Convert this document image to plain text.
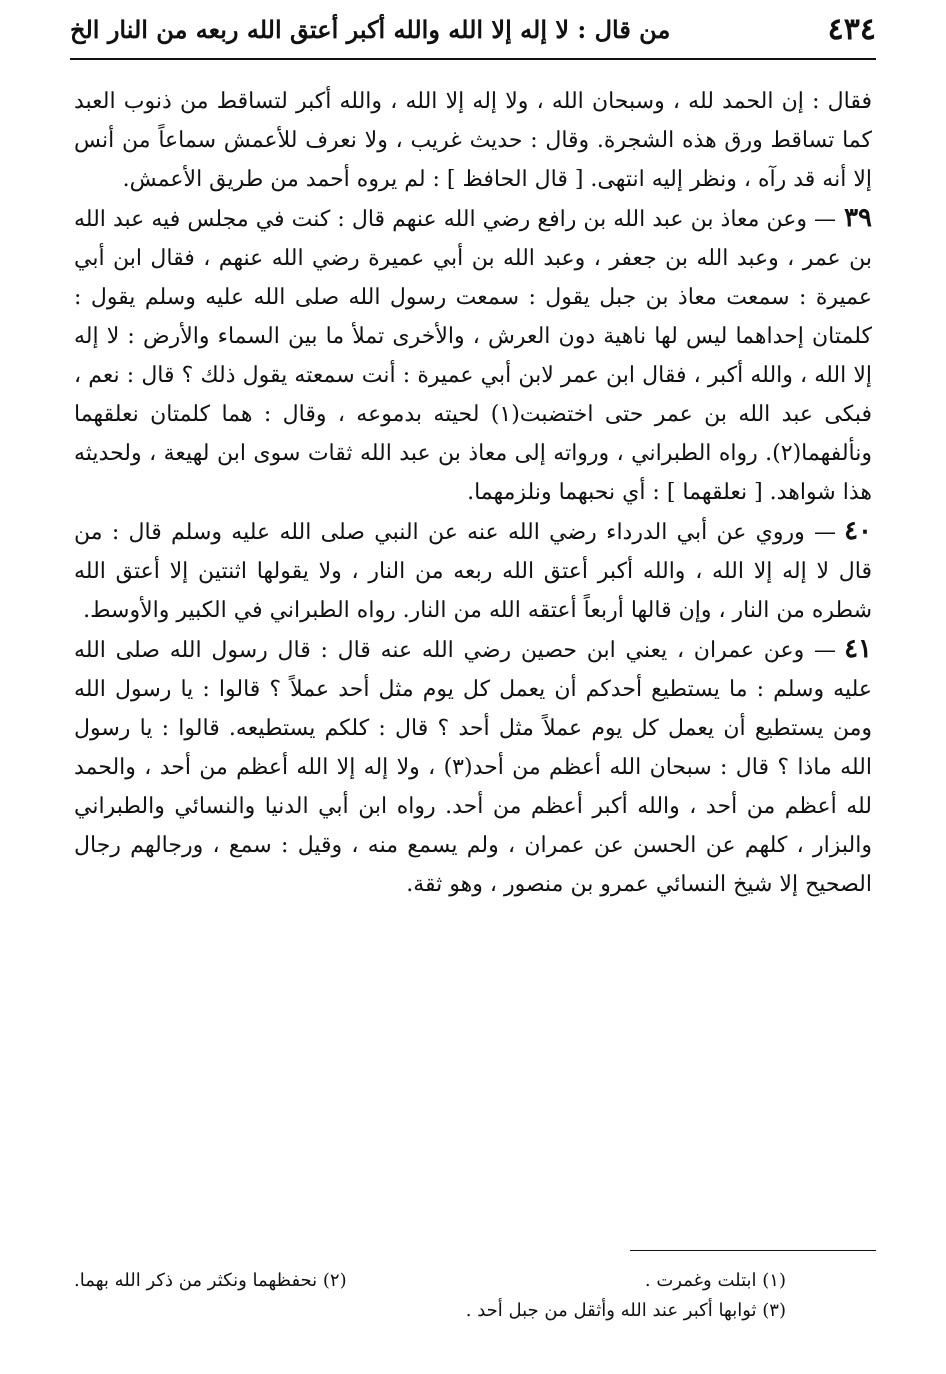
٤٣٤
من قال : لا إله إلا الله والله أكبر أعتق الله ربعه من النار الخ

فقال : إن الحمد لله ، وسبحان الله ، ولا إله إلا الله ، والله أكبر لتساقط من ذنوب العبد كما تساقط ورق هذه الشجرة. وقال : حديث غريب ، ولا نعرف للأعمش سماعاً من أنس إلا أنه قد رآه ، ونظر إليه انتهى. [ قال الحافظ ] : لم يروه أحمد من طريق الأعمش.

٣٩— وعن معاذ بن عبد الله بن رافع رضي الله عنهم قال : كنت في مجلس فيه عبد الله بن عمر ، وعبد الله بن جعفر ، وعبد الله بن أبي عميرة رضي الله عنهم ، فقال ابن أبي عميرة : سمعت معاذ بن جبل يقول : سمعت رسول الله صلى الله عليه وسلم يقول : كلمتان إحداهما ليس لها ناهية دون العرش ، والأخرى تملأ ما بين السماء والأرض : لا إله إلا الله ، والله أكبر ، فقال ابن عمر لابن أبي عميرة : أنت سمعته يقول ذلك ؟ قال : نعم ، فبكى عبد الله بن عمر حتى اختضبت(١) لحيته بدموعه ، وقال : هما كلمتان نعلقهما ونألفهما(٢). رواه الطبراني ، ورواته إلى معاذ بن عبد الله ثقات سوى ابن لهيعة ، ولحديثه هذا شواهد. [ نعلقهما ] : أي نحبهما ونلزمهما.

٤٠— وروي عن أبي الدرداء رضي الله عنه عن النبي صلى الله عليه وسلم قال : من قال لا إله إلا الله ، والله أكبر أعتق الله ربعه من النار ، ولا يقولها اثنتين إلا أعتق الله شطره من النار ، وإن قالها أربعاً أعتقه الله من النار. رواه الطبراني في الكبير والأوسط.

٤١— وعن عمران ، يعني ابن حصين رضي الله عنه قال : قال رسول الله صلى الله عليه وسلم : ما يستطيع أحدكم أن يعمل كل يوم مثل أحد عملاً ؟ قالوا : يا رسول الله ومن يستطيع أن يعمل كل يوم عملاً مثل أحد ؟ قال : كلكم يستطيعه. قالوا : يا رسول الله ماذا ؟ قال : سبحان الله أعظم من أحد(٣) ، ولا إله إلا الله أعظم من أحد ، والحمد لله أعظم من أحد ، والله أكبر أعظم من أحد. رواه ابن أبي الدنيا والنسائي والطبراني والبزار ، كلهم عن الحسن عن عمران ، ولم يسمع منه ، وقيل : سمع ، ورجالهم رجال الصحيح إلا شيخ النسائي عمرو بن منصور ، وهو ثقة.

(١) ابتلت وغمرت .
(٢) نحفظهما ونكثر من ذكر الله بهما.
(٣) ثوابها أكبر عند الله وأثقل من جبل أحد .
